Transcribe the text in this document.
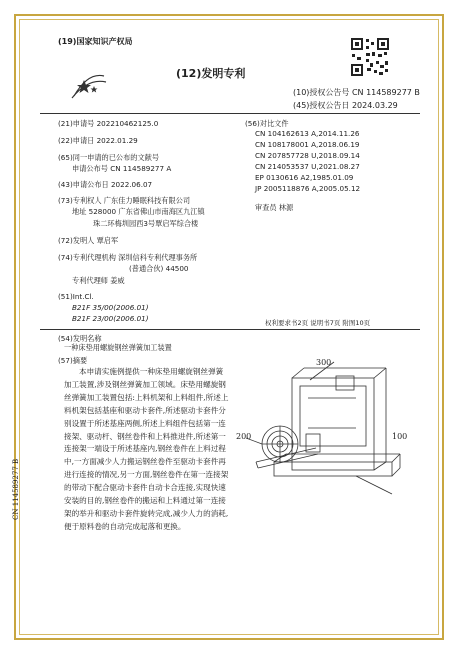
(19)国家知识产权局
(12)发明专利
(10)授权公告号 CN 114589277 B
(45)授权公告日 2024.03.29
(21)申请号 202210462125.0
(22)申请日 2022.01.29
(65)同一申请的已公布的文献号
申请公布号 CN 114589277 A
(43)申请公布日 2022.06.07
(73)专利权人 广东佳力睡眠科技有限公司
地址 528000 广东省佛山市南海区九江镇
珠二环梅圳园西3号覃启军综合楼
(72)发明人 覃启军
(74)专利代理机构 深圳信科专利代理事务所
(普通合伙) 44500
专利代理师 姜威
(51)Int.Cl.
B21F 35/00(2006.01)
B21F 23/00(2006.01)
(56)对比文件
CN 104162613 A,2014.11.26
CN 108178001 A,2018.06.19
CN 207857728 U,2018.09.14
CN 214053537 U,2021.08.27
EP 0130616 A2,1985.01.09
JP 2005118876 A,2005.05.12
审查员 林源
权利要求书2页 说明书7页 附图10页
(54)发明名称
一种床垫用螺旋钢丝弹簧加工装置
(57)摘要
本申请实施例提供一种床垫用螺旋钢丝弹簧加工装置,涉及钢丝弹簧加工领域。床垫用螺旋钢丝弹簧加工装置包括:上料机架和上料组件,所述上料机架包括基座和驱动卡套件,所述驱动卡套件分别设置于所述基座两侧,所述上料组件包括第一连接架、驱动杆、钢丝卷件和上料推进件,所述第一连接架一端设于所述基座内,钢丝卷件在上料过程中,一方面减少人力搬运钢丝卷件至驱动卡套件再进行连接的情况,另一方面,钢丝卷件在第一连接架的带动下配合驱动卡套件自动卡合连接,实现快速安装的目的,钢丝卷件的搬运和上料通过第一连接架的举升和驱动卡套件旋转完成,减少人力的消耗,便于原料卷的自动完成起落和更换。
300
200	100
CN 114589277 B
